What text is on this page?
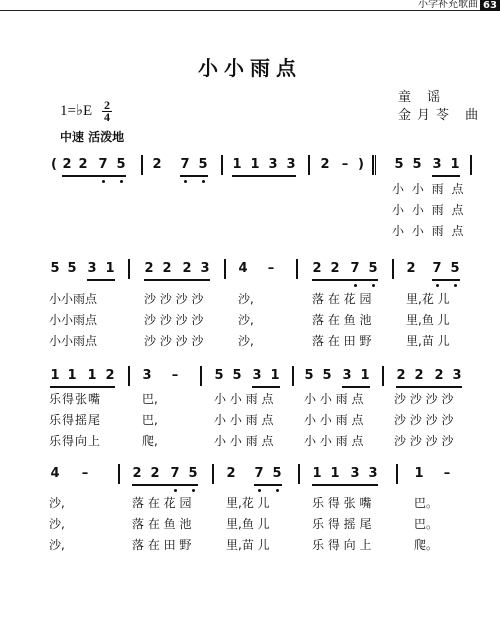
小学补充歌曲 63
小小雨点
童 谣
金月苓 曲
1=♭E $\frac{2}{4}$
中速 活泼地
(	)
2 2 7 5 2 7 5 1 1 3 3 2 –	5 5 3 1
小 小 雨 点
小 小 雨 点
小 小 雨 点
5 5 3 1 2 2 2 3 4 –	2 2 7 5 2 7 5
小小雨点	沙 沙 沙 沙	沙,	落 在 花 园	里,花 儿
小小雨点	沙 沙 沙 沙	沙,	落 在 鱼 池	里,鱼 儿
小小雨点	沙 沙 沙 沙	沙,	落 在 田 野	里,苗 儿
1 1 1 2 3 –	5 5 3 1 5 5 3 1 2 2 2 3
乐得张嘴	巴,	小 小 雨 点	小 小 雨 点	沙 沙 沙 沙
乐得摇尾	巴,	小 小 雨 点	小 小 雨 点	沙 沙 沙 沙
乐得向上	爬,	小 小 雨 点	小 小 雨 点	沙 沙 沙 沙
4 –	2 2 7 5 2 7 5 1 1 3 3	1 –
沙,	落 在 花 园	里,花 儿	乐 得 张 嘴	巴。
沙,	落 在 鱼 池	里,鱼 儿	乐 得 摇 尾	巴。
沙,	落 在 田 野	里,苗 儿	乐 得 向 上	爬。
